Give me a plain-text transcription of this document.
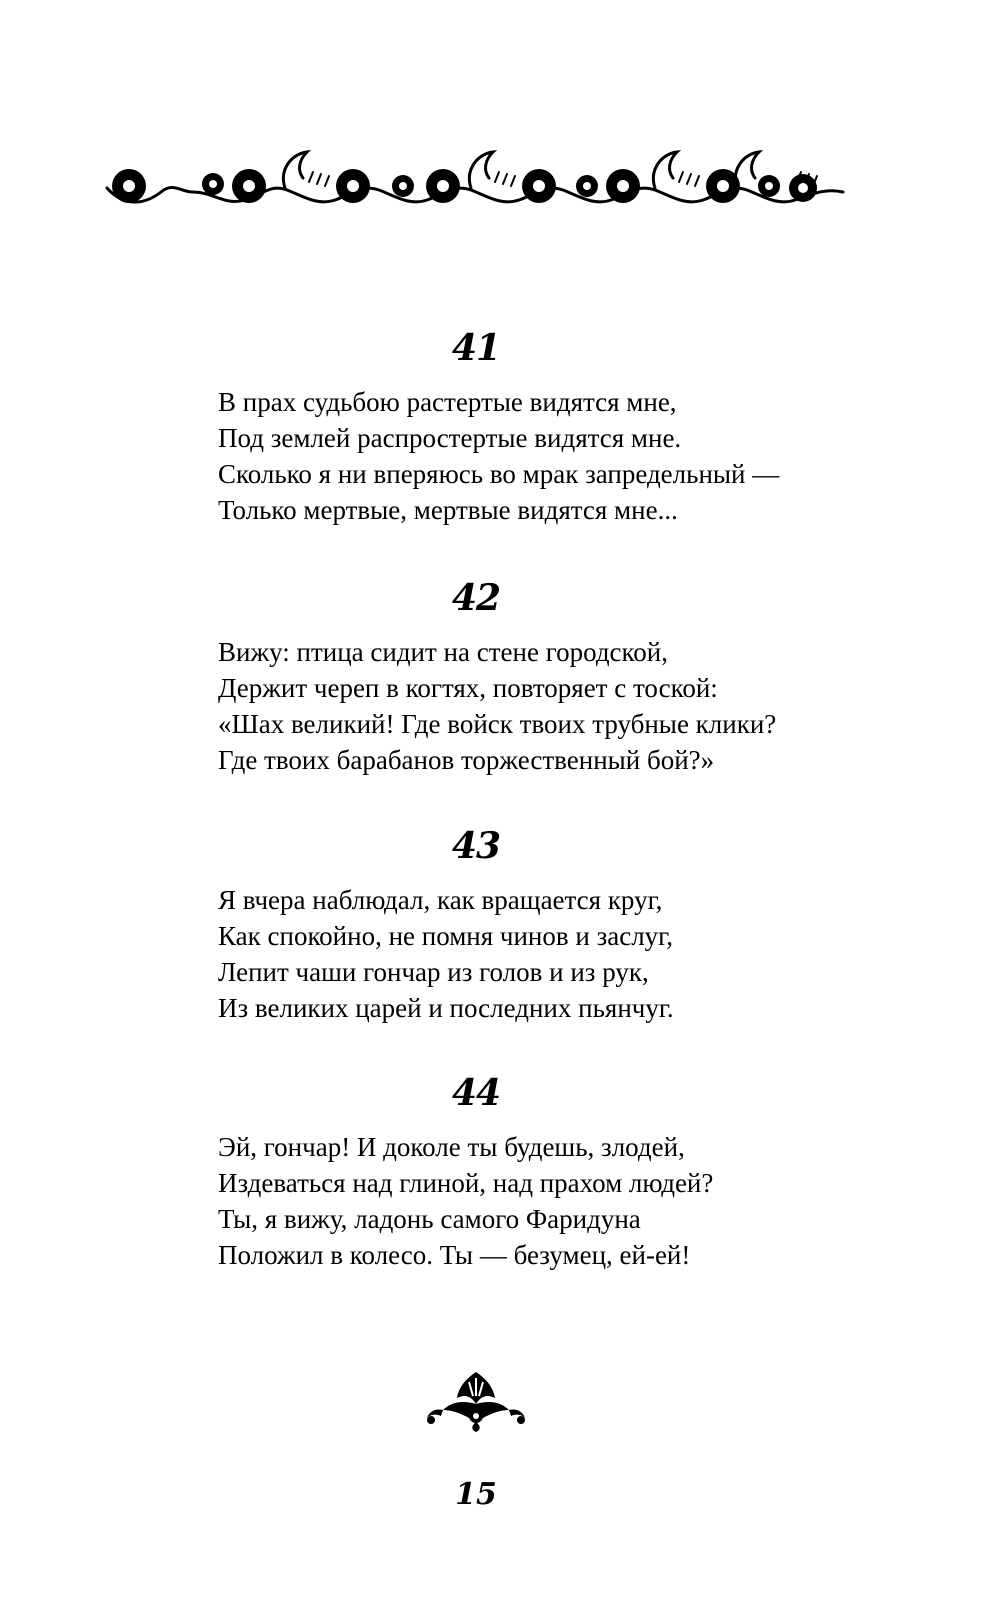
41
В прах судьбою растертые видятся мне,
Под землей распростертые видятся мне.
Сколько я ни вперяюсь во мрак запредельный —
Только мертвые, мертвые видятся мне...
42
Вижу: птица сидит на стене городской,
Держит череп в когтях, повторяет с тоской:
«Шах великий! Где войск твоих трубные клики?
Где твоих барабанов торжественный бой?»
43
Я вчера наблюдал, как вращается круг,
Как спокойно, не помня чинов и заслуг,
Лепит чаши гончар из голов и из рук,
Из великих царей и последних пьянчуг.
44
Эй, гончар! И доколе ты будешь, злодей,
Издеваться над глиной, над прахом людей?
Ты, я вижу, ладонь самого Фаридуна
Положил в колесо. Ты — безумец, ей-ей!
15
